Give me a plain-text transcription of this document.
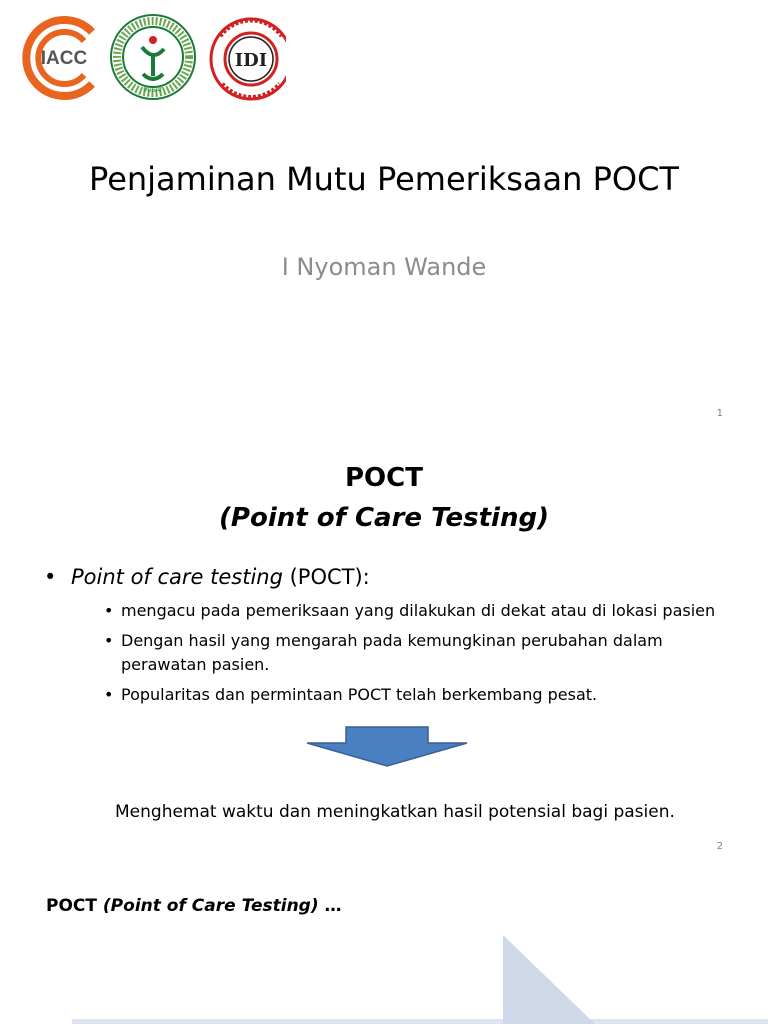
IACC
PUSAT
IDI
Penjaminan Mutu Pemeriksaan POCT
I Nyoman Wande
1
POCT
(Point of Care Testing)
• Point of care testing (POCT):
• mengacu pada pemeriksaan yang dilakukan di dekat atau di lokasi pasien
• Dengan hasil yang mengarah pada kemungkinan perubahan dalam perawatan pasien.
• Popularitas dan permintaan POCT telah berkembang pesat.
Menghemat waktu dan meningkatkan hasil potensial bagi pasien.
2
POCT (Point of Care Testing) …
